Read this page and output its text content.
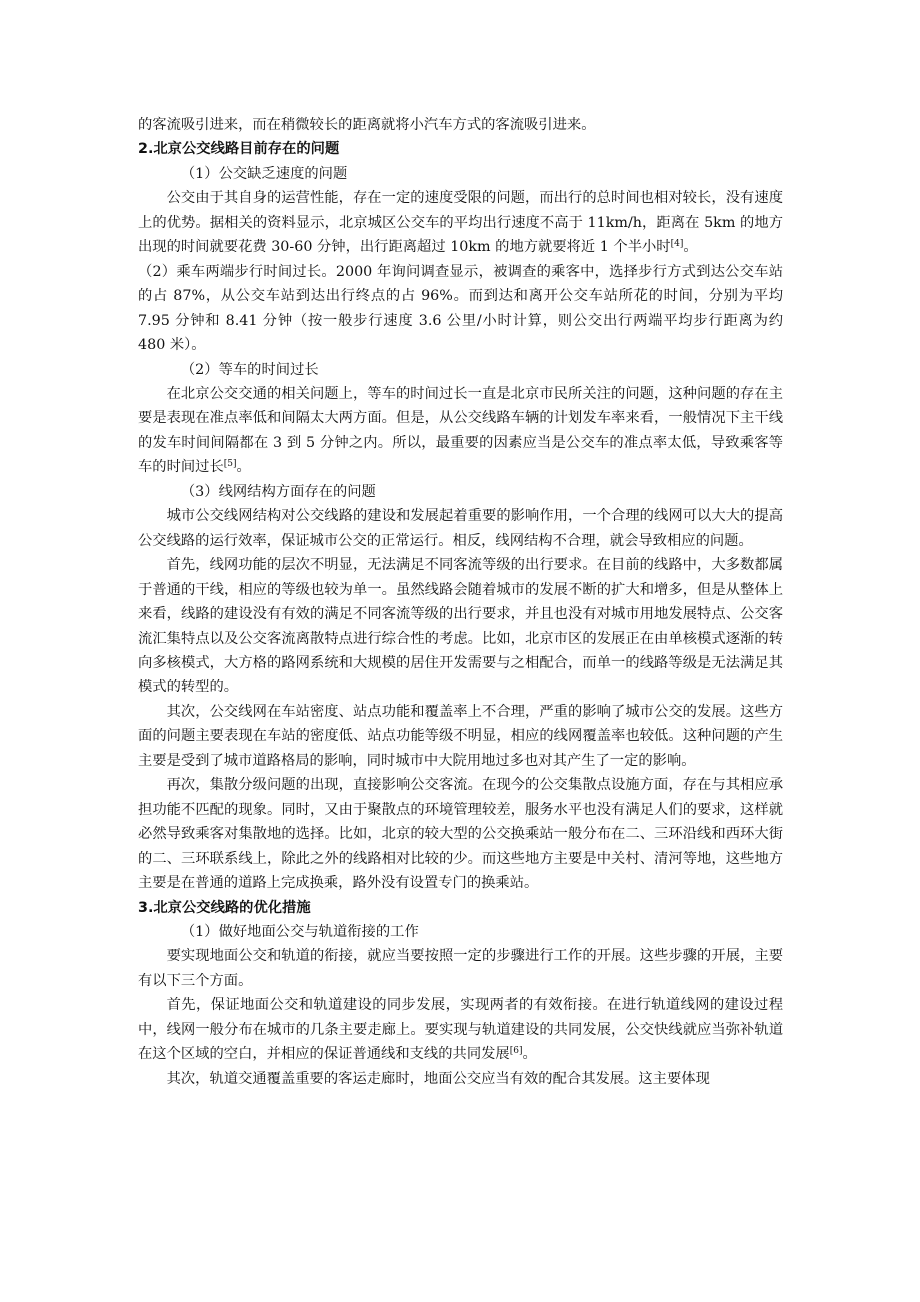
的客流吸引进来，而在稍微较长的距离就将小汽车方式的客流吸引进来。

2.北京公交线路目前存在的问题

（1）公交缺乏速度的问题

公交由于其自身的运营性能，存在一定的速度受限的问题，而出行的总时间也相对较长，没有速度上的优势。据相关的资料显示，北京城区公交车的平均出行速度不高于 11km/h，距离在 5km 的地方出现的时间就要花费 30-60 分钟，出行距离超过 10km 的地方就要将近 1 个半小时[4]。

（2）乘车两端步行时间过长。2000 年询问调查显示，被调查的乘客中，选择步行方式到达公交车站的占 87%，从公交车站到达出行终点的占 96%。而到达和离开公交车站所花的时间，分别为平均 7.95 分钟和 8.41 分钟（按一般步行速度 3.6 公里/小时计算，则公交出行两端平均步行距离为约 480 米）。

（2）等车的时间过长

在北京公交交通的相关问题上，等车的时间过长一直是北京市民所关注的问题，这种问题的存在主要是表现在准点率低和间隔太大两方面。但是，从公交线路车辆的计划发车率来看，一般情况下主干线的发车时间间隔都在 3 到 5 分钟之内。所以，最重要的因素应当是公交车的准点率太低，导致乘客等车的时间过长[5]。

（3）线网结构方面存在的问题

城市公交线网结构对公交线路的建设和发展起着重要的影响作用，一个合理的线网可以大大的提高公交线路的运行效率，保证城市公交的正常运行。相反，线网结构不合理，就会导致相应的问题。

首先，线网功能的层次不明显，无法满足不同客流等级的出行要求。在目前的线路中，大多数都属于普通的干线，相应的等级也较为单一。虽然线路会随着城市的发展不断的扩大和增多，但是从整体上来看，线路的建设没有有效的满足不同客流等级的出行要求，并且也没有对城市用地发展特点、公交客流汇集特点以及公交客流离散特点进行综合性的考虑。比如，北京市区的发展正在由单核模式逐渐的转向多核模式，大方格的路网系统和大规模的居住开发需要与之相配合，而单一的线路等级是无法满足其模式的转型的。

其次，公交线网在车站密度、站点功能和覆盖率上不合理，严重的影响了城市公交的发展。这些方面的问题主要表现在车站的密度低、站点功能等级不明显，相应的线网覆盖率也较低。这种问题的产生主要是受到了城市道路格局的影响，同时城市中大院用地过多也对其产生了一定的影响。

再次，集散分级问题的出现，直接影响公交客流。在现今的公交集散点设施方面，存在与其相应承担功能不匹配的现象。同时，又由于聚散点的环境管理较差，服务水平也没有满足人们的要求，这样就必然导致乘客对集散地的选择。比如，北京的较大型的公交换乘站一般分布在二、三环沿线和西环大街的二、三环联系线上，除此之外的线路相对比较的少。而这些地方主要是中关村、清河等地，这些地方主要是在普通的道路上完成换乘，路外没有设置专门的换乘站。

3.北京公交线路的优化措施

（1）做好地面公交与轨道衔接的工作

要实现地面公交和轨道的衔接，就应当要按照一定的步骤进行工作的开展。这些步骤的开展，主要有以下三个方面。

首先，保证地面公交和轨道建设的同步发展，实现两者的有效衔接。在进行轨道线网的建设过程中，线网一般分布在城市的几条主要走廊上。要实现与轨道建设的共同发展，公交快线就应当弥补轨道在这个区域的空白，并相应的保证普通线和支线的共同发展[6]。

其次，轨道交通覆盖重要的客运走廊时，地面公交应当有效的配合其发展。这主要体现
